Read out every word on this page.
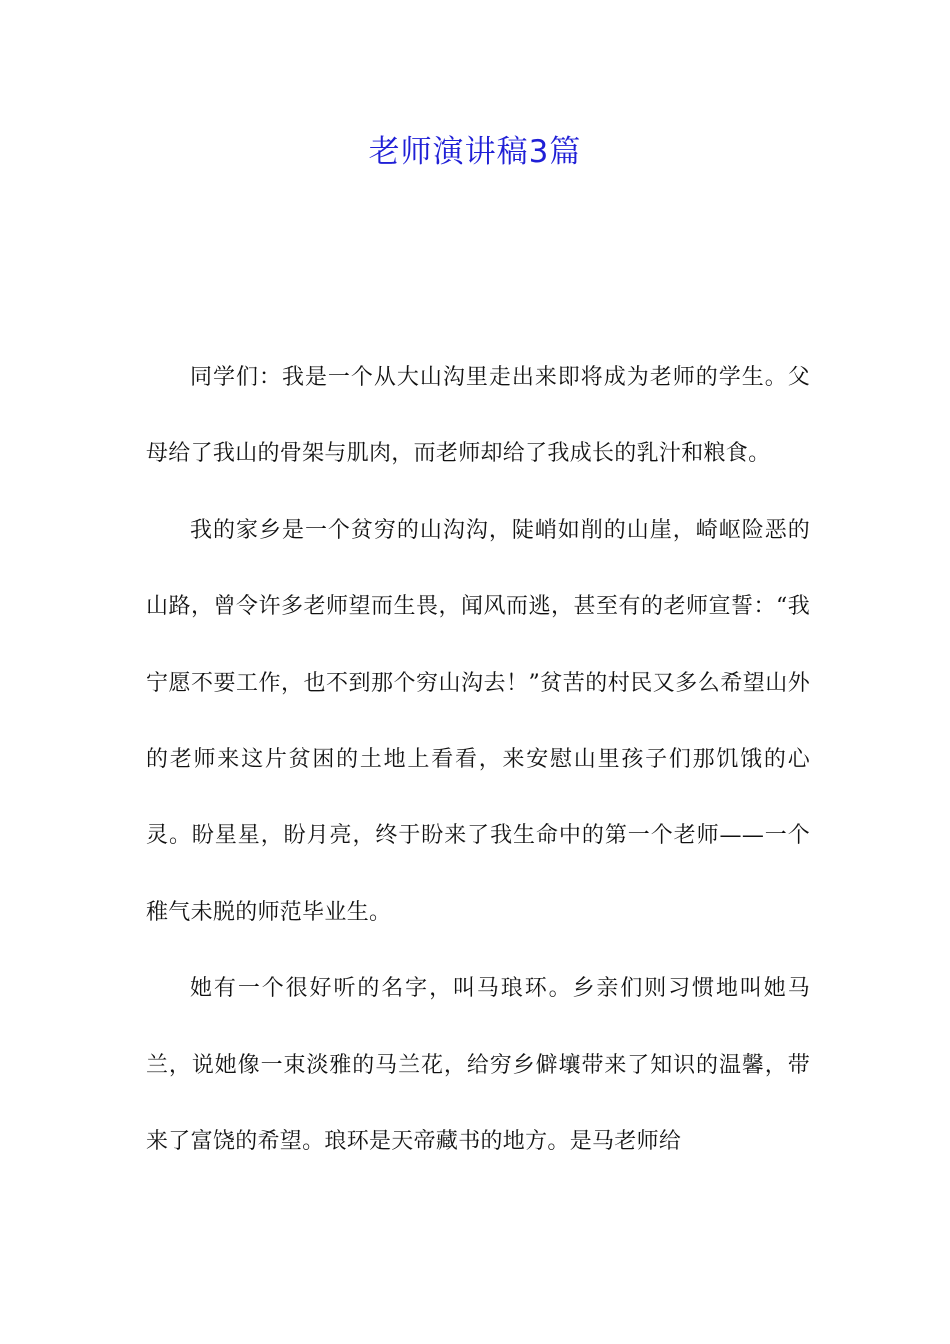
老师演讲稿3篇

同学们：我是一个从大山沟里走出来即将成为老师的学生。父母给了我山的骨架与肌肉，而老师却给了我成长的乳汁和粮食。

我的家乡是一个贫穷的山沟沟，陡峭如削的山崖，崎岖险恶的山路，曾令许多老师望而生畏，闻风而逃，甚至有的老师宣誓：“我宁愿不要工作，也不到那个穷山沟去！”贫苦的村民又多么希望山外的老师来这片贫困的土地上看看，来安慰山里孩子们那饥饿的心灵。盼星星，盼月亮，终于盼来了我生命中的第一个老师——一个稚气未脱的师范毕业生。

她有一个很好听的名字，叫马琅环。乡亲们则习惯地叫她马兰，说她像一束淡雅的马兰花，给穷乡僻壤带来了知识的温馨，带来了富饶的希望。琅环是天帝藏书的地方。是马老师给
